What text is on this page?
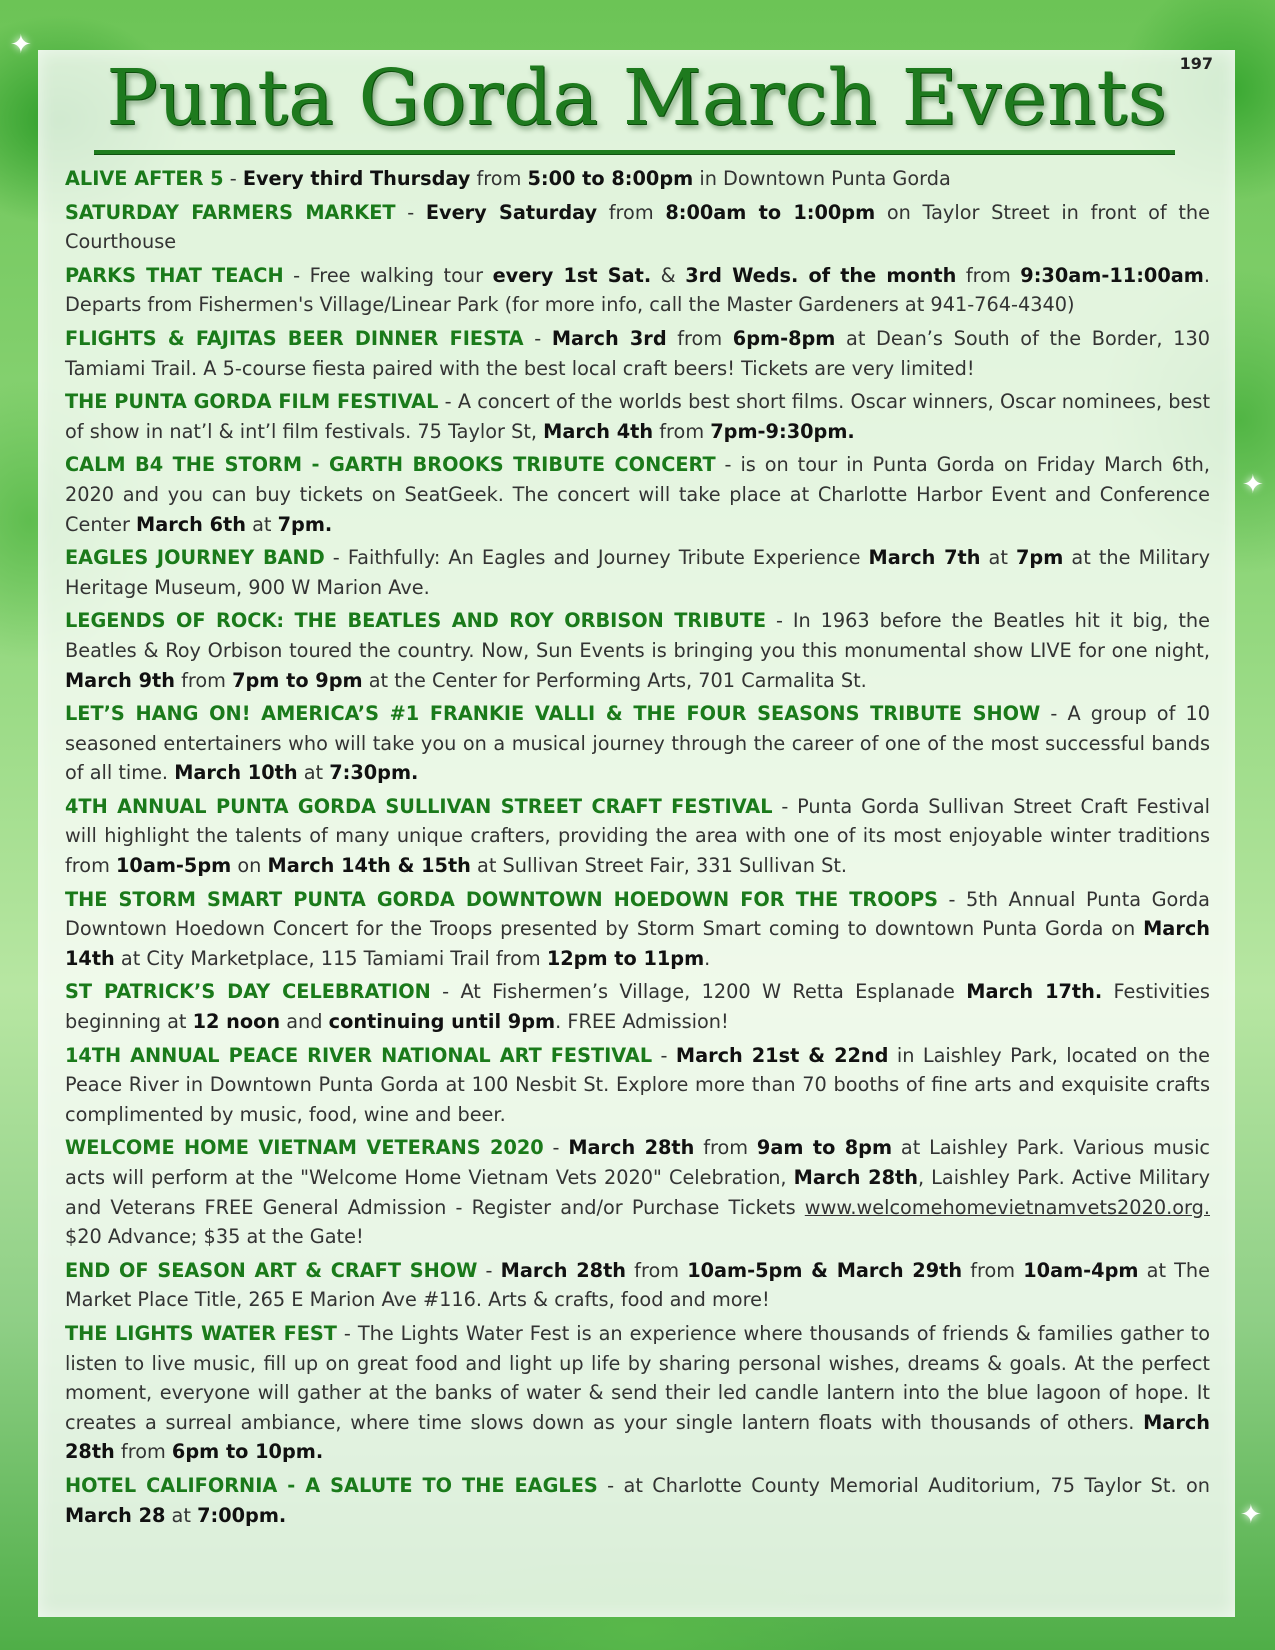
✦
✦
✦
197
Punta Gorda March Events
ALIVE AFTER 5 - Every third Thursday from 5:00 to 8:00pm in Downtown Punta Gorda
SATURDAY FARMERS MARKET - Every Saturday from 8:00am to 1:00pm on Taylor Street in front of the Courthouse
PARKS THAT TEACH - Free walking tour every 1st Sat. & 3rd Weds. of the month from 9:30am-11:00am. Departs from Fishermen's Village/Linear Park (for more info, call the Master Gardeners at 941-764-4340)
FLIGHTS & FAJITAS BEER DINNER FIESTA - March 3rd from 6pm-8pm at Dean’s South of the Border, 130 Tamiami Trail. A 5-course fiesta paired with the best local craft beers! Tickets are very limited!
THE PUNTA GORDA FILM FESTIVAL - A concert of the worlds best short films. Oscar winners, Oscar nominees, best of show in nat’l & int’l film festivals. 75 Taylor St, March 4th from 7pm-9:30pm.
CALM B4 THE STORM - GARTH BROOKS TRIBUTE CONCERT - is on tour in Punta Gorda on Friday March 6th, 2020 and you can buy tickets on SeatGeek. The concert will take place at Charlotte Harbor Event and Conference Center March 6th at 7pm.
EAGLES JOURNEY BAND - Faithfully: An Eagles and Journey Tribute Experience March 7th at 7pm at the Military Heritage Museum, 900 W Marion Ave.
LEGENDS OF ROCK: THE BEATLES AND ROY ORBISON TRIBUTE - In 1963 before the Beatles hit it big, the Beatles & Roy Orbison toured the country. Now, Sun Events is bringing you this monumental show LIVE for one night, March 9th from 7pm to 9pm at the Center for Performing Arts, 701 Carmalita St.
LET’S HANG ON! AMERICA’S #1 FRANKIE VALLI & THE FOUR SEASONS TRIBUTE SHOW - A group of 10 seasoned entertainers who will take you on a musical journey through the career of one of the most successful bands of all time. March 10th at 7:30pm.
4TH ANNUAL PUNTA GORDA SULLIVAN STREET CRAFT FESTIVAL - Punta Gorda Sullivan Street Craft Festival will highlight the talents of many unique crafters, providing the area with one of its most enjoyable winter traditions from 10am-5pm on March 14th & 15th at Sullivan Street Fair, 331 Sullivan St.
THE STORM SMART PUNTA GORDA DOWNTOWN HOEDOWN FOR THE TROOPS - 5th Annual Punta Gorda Downtown Hoedown Concert for the Troops presented by Storm Smart coming to downtown Punta Gorda on March 14th at City Marketplace, 115 Tamiami Trail from 12pm to 11pm.
ST PATRICK’S DAY CELEBRATION - At Fishermen’s Village, 1200 W Retta Esplanade March 17th. Festivities beginning at 12 noon and continuing until 9pm. FREE Admission!
14TH ANNUAL PEACE RIVER NATIONAL ART FESTIVAL - March 21st & 22nd in Laishley Park, located on the Peace River in Downtown Punta Gorda at 100 Nesbit St. Explore more than 70 booths of fine arts and exquisite crafts complimented by music, food, wine and beer.
WELCOME HOME VIETNAM VETERANS 2020 - March 28th from 9am to 8pm at Laishley Park. Various music acts will perform at the "Welcome Home Vietnam Vets 2020" Celebration, March 28th, Laishley Park. Active Military and Veterans FREE General Admission - Register and/or Purchase Tickets www.welcomehomevietnamvets2020.org. $20 Advance; $35 at the Gate!
END OF SEASON ART & CRAFT SHOW - March 28th from 10am-5pm & March 29th from 10am-4pm at The Market Place Title, 265 E Marion Ave #116. Arts & crafts, food and more!
THE LIGHTS WATER FEST - The Lights Water Fest is an experience where thousands of friends & families gather to listen to live music, fill up on great food and light up life by sharing personal wishes, dreams & goals. At the perfect moment, everyone will gather at the banks of water & send their led candle lantern into the blue lagoon of hope. It creates a surreal ambiance, where time slows down as your single lantern floats with thousands of others. March 28th from 6pm to 10pm.
HOTEL CALIFORNIA - A SALUTE TO THE EAGLES - at Charlotte County Memorial Auditorium, 75 Taylor St. on March 28 at 7:00pm.
